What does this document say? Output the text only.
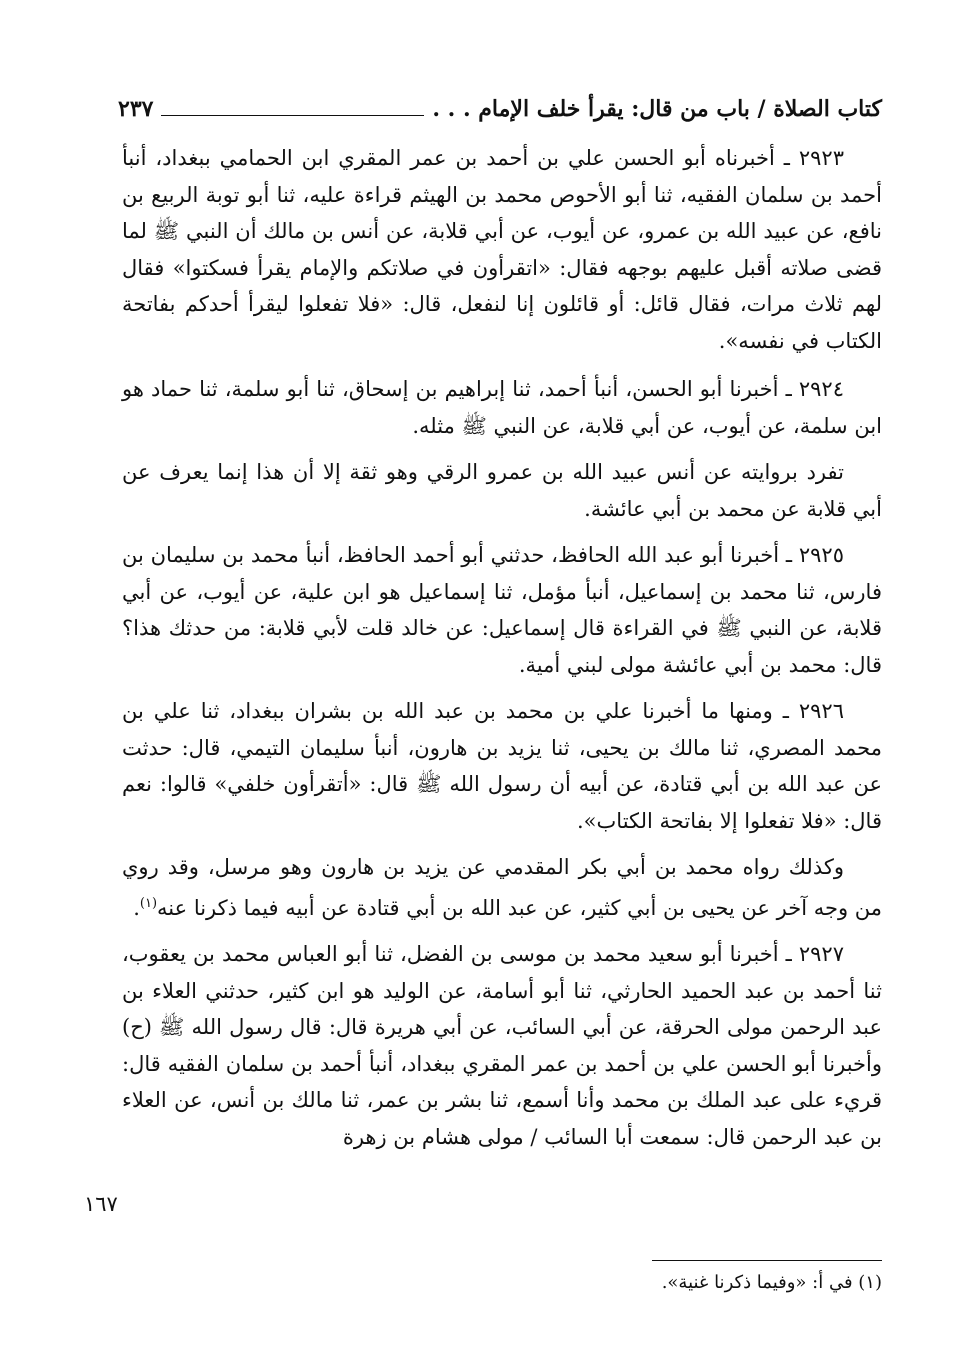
كتاب الصلاة / باب من قال: يقرأ خلف الإمام . . .
٢٣٧

٢٩٢٣ ـ أخبرناه أبو الحسن علي بن أحمد بن عمر المقري ابن الحمامي ببغداد، أنبأ أحمد بن سلمان الفقيه، ثنا أبو الأحوص محمد بن الهيثم قراءة عليه، ثنا أبو توبة الربيع بن نافع، عن عبيد الله بن عمرو، عن أيوب، عن أبي قلابة، عن أنس بن مالك أن النبي ﷺ لما قضى صلاته أقبل عليهم بوجهه فقال: «اتقرأون في صلاتكم والإمام يقرأ فسكتوا» فقال لهم ثلاث مرات، فقال قائل: أو قائلون إنا لنفعل، قال: «فلا تفعلوا ليقرأ أحدكم بفاتحة الكتاب في نفسه».

٢٩٢٤ ـ أخبرنا أبو الحسن، أنبأ أحمد، ثنا إبراهيم بن إسحاق، ثنا أبو سلمة، ثنا حماد هو ابن سلمة، عن أيوب، عن أبي قلابة، عن النبي ﷺ مثله.

تفرد بروايته عن أنس عبيد الله بن عمرو الرقي وهو ثقة إلا أن هذا إنما يعرف عن أبي قلابة عن محمد بن أبي عائشة.

٢٩٢٥ ـ أخبرنا أبو عبد الله الحافظ، حدثني أبو أحمد الحافظ، أنبأ محمد بن سليمان بن فارس، ثنا محمد بن إسماعيل، أنبأ مؤمل، ثنا إسماعيل هو ابن علية، عن أيوب، عن أبي قلابة، عن النبي ﷺ في القراءة قال إسماعيل: عن خالد قلت لأبي قلابة: من حدثك هذا؟ قال: محمد بن أبي عائشة مولى لبني أمية.

٢٩٢٦ ـ ومنها ما أخبرنا علي بن محمد بن عبد الله بن بشران ببغداد، ثنا علي بن محمد المصري، ثنا مالك بن يحيى، ثنا يزيد بن هارون، أنبأ سليمان التيمي، قال: حدثت عن عبد الله بن أبي قتادة، عن أبيه أن رسول الله ﷺ قال: «أتقرأون خلفي» قالوا: نعم قال: «فلا تفعلوا إلا بفاتحة الكتاب».

وكذلك رواه محمد بن أبي بكر المقدمي عن يزيد بن هارون وهو مرسل، وقد روي من وجه آخر عن يحيى بن أبي كثير، عن عبد الله بن أبي قتادة عن أبيه فيما ذكرنا عنه$^{(١)}$.

٢٩٢٧ ـ أخبرنا أبو سعيد محمد بن موسى بن الفضل، ثنا أبو العباس محمد بن يعقوب، ثنا أحمد بن عبد الحميد الحارثي، ثنا أبو أسامة، عن الوليد هو ابن كثير، حدثني العلاء بن عبد الرحمن مولى الحرقة، عن أبي السائب، عن أبي هريرة قال: قال رسول الله ﷺ (ح) وأخبرنا أبو الحسن علي بن أحمد بن عمر المقري ببغداد، أنبأ أحمد بن سلمان الفقيه قال: قريء على عبد الملك بن محمد وأنا أسمع، ثنا بشر بن عمر، ثنا مالك بن أنس، عن العلاء بن عبد الرحمن قال: سمعت أبا السائب / مولى هشام بن زهرة

١٦٧
(١) في أ: «وفيما ذكرنا غنية».
